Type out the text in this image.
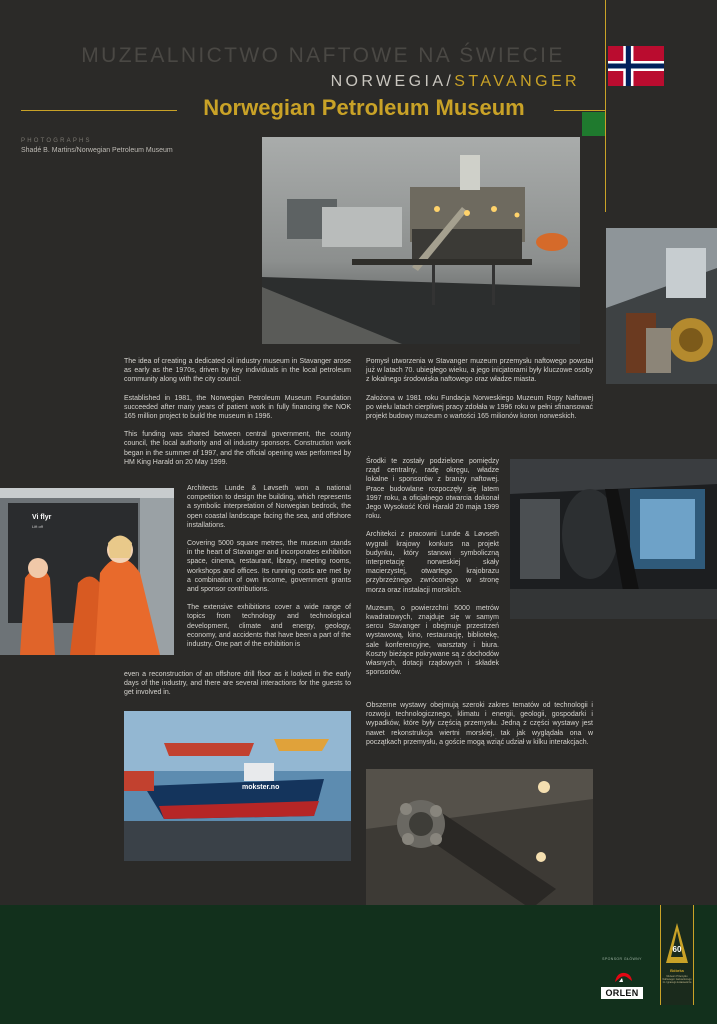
MUZEALNICTWO NAFTOWE NA ŚWIECIE
NORWEGIA/STAVANGER
Norwegian Petroleum Museum
PHOTOGRAPHS
Shadé B. Martins/Norwegian Petroleum Museum
Vi flyr
Lift off
mokster.no

The idea of creating a dedicated oil industry museum in Stavanger arose as early as the 1970s, driven by key individuals in the local petroleum community along with the city council.

Established in 1981, the Norwegian Petroleum Museum Foundation succeeded after many years of patient work in fully financing the NOK 165 million project to build the museum in 1996.

This funding was shared between central government, the county council, the local authority and oil industry sponsors. Construction work began in the summer of 1997, and the official opening was performed by HM King Harald on 20 May 1999.

Architects Lunde & Løvseth won a national competition to design the building, which represents a symbolic interpretation of Norwegian bedrock, the open coastal landscape facing the sea, and offshore installations.

Covering 5000 square metres, the museum stands in the heart of Stavanger and incorporates exhibition space, cinema, restaurant, library, meeting rooms, workshops and offices. Its running costs are met by a combination of own income, government grants and sponsor contributions.

The extensive exhibitions cover a wide range of topics from technology and technological development, climate and energy, geology, economy, and accidents that have been a part of the industry. One part of the exhibition is

even a reconstruction of an offshore drill floor as it looked in the early days of the industry, and there are several interactions for the guests to get involved in.

Pomysł utworzenia w Stavanger muzeum przemysłu naftowego powstał już w latach 70. ubiegłego wieku, a jego inicjatorami były kluczowe osoby z lokalnego środowiska naftowego oraz władze miasta.

Założona w 1981 roku Fundacja Norweskiego Muzeum Ropy Naftowej po wielu latach cierpliwej pracy zdołała w 1996 roku w pełni sfinansować projekt budowy muzeum o wartości 165 milionów koron norweskich.

Środki te zostały podzielone pomiędzy rząd centralny, radę okręgu, władze lokalne i sponsorów z branży naftowej. Prace budowlane rozpoczęły się latem 1997 roku, a oficjalnego otwarcia dokonał Jego Wysokość Król Harald 20 maja 1999 roku.

Architekci z pracowni Lunde & Løvseth wygrali krajowy konkurs na projekt budynku, który stanowi symboliczną interpretację norweskiej skały macierzystej, otwartego krajobrazu przybrzeżnego zwróconego w stronę morza oraz instalacji morskich.

Muzeum, o powierzchni 5000 metrów kwadratowych, znajduje się w samym sercu Stavanger i obejmuje przestrzeń wystawową, kino, restaurację, bibliotekę, sale konferencyjne, warsztaty i biura. Koszty bieżące pokrywane są z dochodów własnych, dotacji rządowych i składek sponsorów.

Obszerne wystawy obejmują szeroki zakres tematów od technologii i rozwoju technologicznego, klimatu i energii, geologii, gospodarki i wypadków, które były częścią przemysłu. Jedną z części wystawy jest nawet rekonstrukcja wiertni morskiej, tak jak wyglądała ona w początkach przemysłu, a goście mogą wziąć udział w kilku interakcjach.
SPONSOR GŁÓWNY
ORLEN
60
Bóbrka
Muzeum Przemysłu Naftowego i Gazowniczego im. Ignacego Łukasiewicza
